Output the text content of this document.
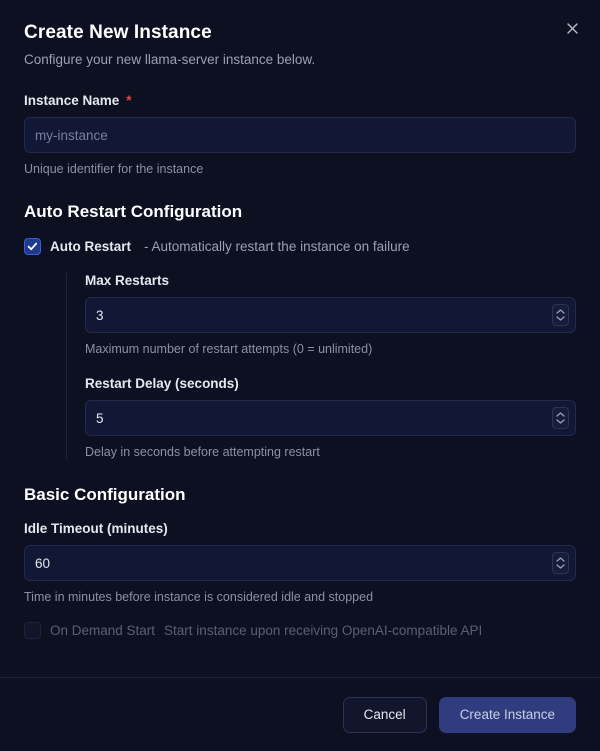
Create New Instance
Configure your new llama-server instance below.
Instance Name *
my-instance
Unique identifier for the instance
Auto Restart Configuration
Auto Restart - Automatically restart the instance on failure
Max Restarts
3
Maximum number of restart attempts (0 = unlimited)
Restart Delay (seconds)
5
Delay in seconds before attempting restart
Basic Configuration
Idle Timeout (minutes)
60
Time in minutes before instance is considered idle and stopped
On Demand Start Start instance upon receiving OpenAI-compatible API
Cancel	Create Instance
